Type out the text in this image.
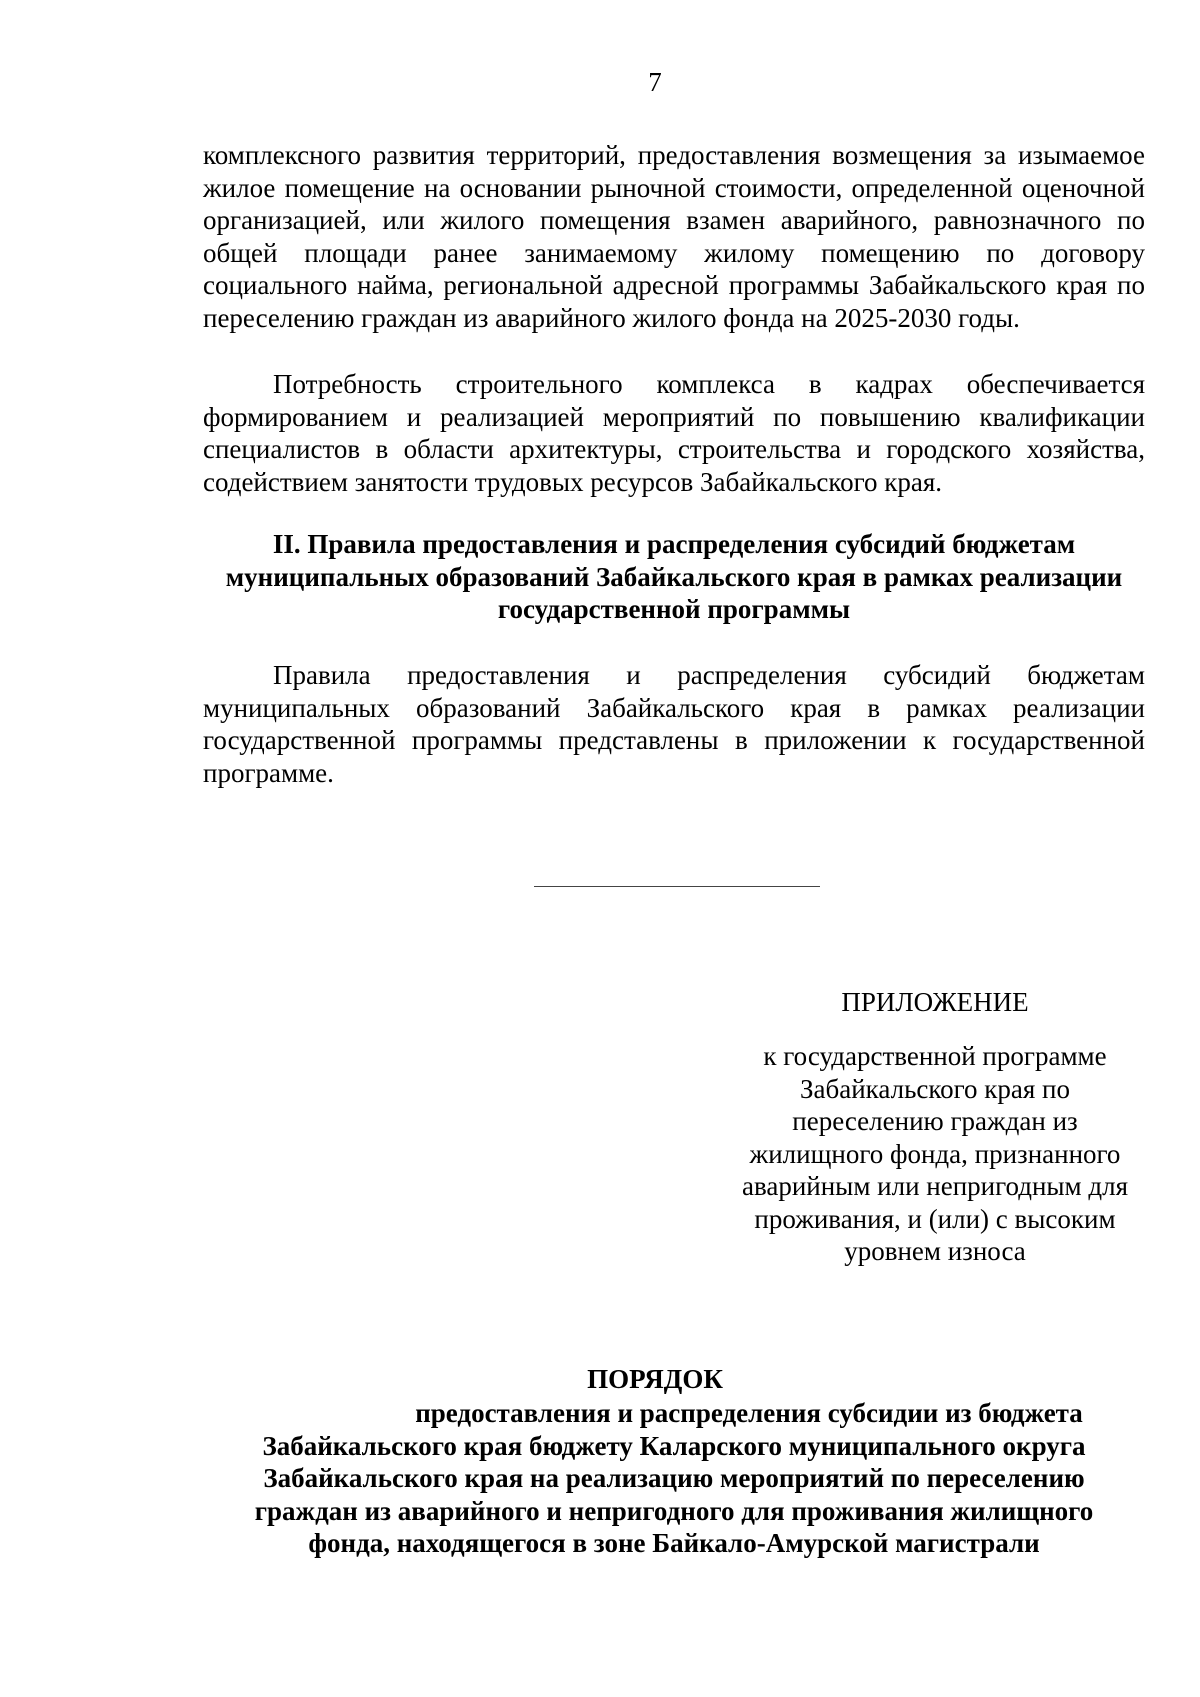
7
комплексного развития территорий, предоставления возмещения за изымаемое жилое помещение на основании рыночной стоимости, определенной оценочной организацией, или жилого помещения взамен аварийного, равнозначного по общей площади ранее занимаемому жилому помещению по договору социального найма, региональной адресной программы Забайкальского края по переселению граждан из аварийного жилого фонда на 2025-2030 годы.
Потребность строительного комплекса в кадрах обеспечивается формированием и реализацией мероприятий по повышению квалификации специалистов в области архитектуры, строительства и городского хозяйства, содействием занятости трудовых ресурсов Забайкальского края.
II. Правила предоставления и распределения субсидий бюджетам
муниципальных образований Забайкальского края в рамках реализации
государственной программы
Правила предоставления и распределения субсидий бюджетам муниципальных образований Забайкальского края в рамках реализации государственной программы представлены в приложении к государственной программе.
ПРИЛОЖЕНИЕ
к государственной программе
Забайкальского края по
переселению граждан из
жилищного фонда, признанного
аварийным или непригодным для
проживания, и (или) с высоким
уровнем износа
ПОРЯДОК
предоставления и распределения субсидии из бюджета
Забайкальского края бюджету Каларского муниципального округа
Забайкальского края на реализацию мероприятий по переселению
граждан из аварийного и непригодного для проживания жилищного
фонда, находящегося в зоне Байкало-Амурской магистрали
